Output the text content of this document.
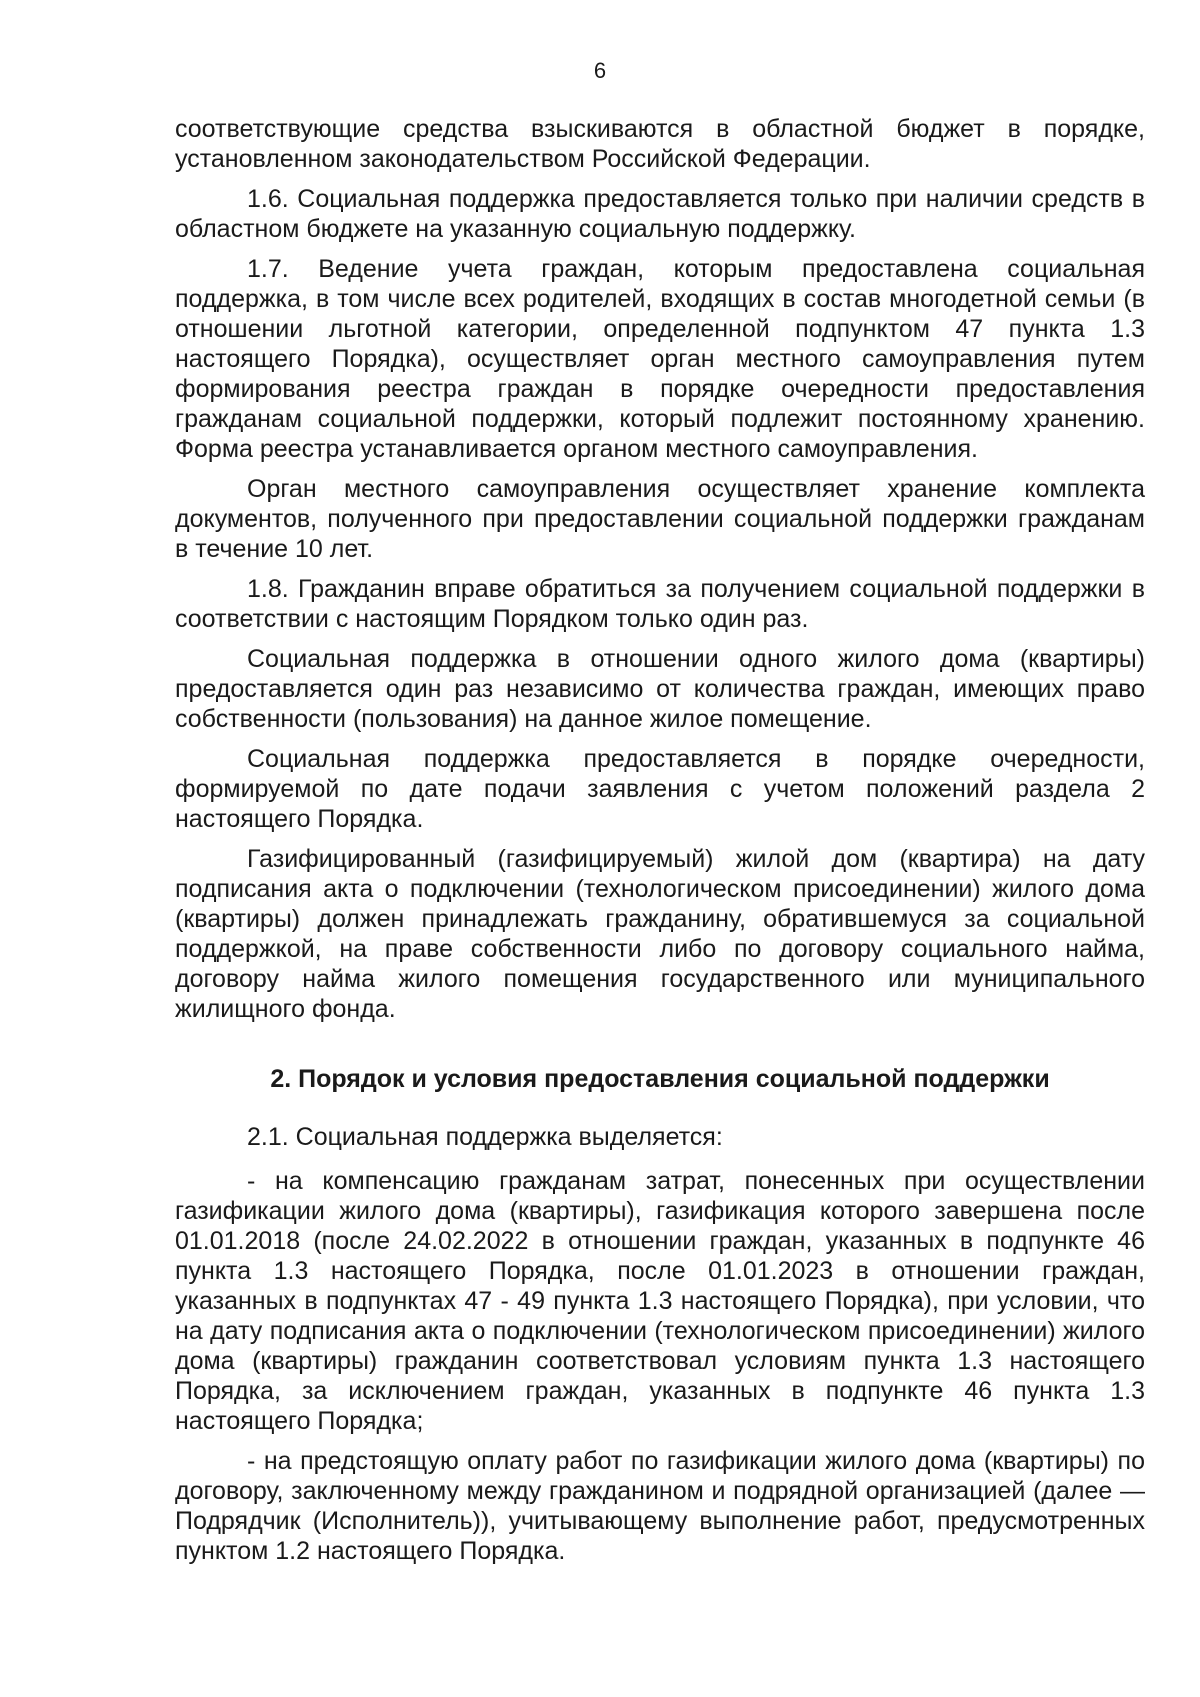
6

соответствующие средства взыскиваются в областной бюджет в порядке, установленном законодательством Российской Федерации.

1.6. Социальная поддержка предоставляется только при наличии средств в областном бюджете на указанную социальную поддержку.

1.7. Ведение учета граждан, которым предоставлена социальная поддержка, в том числе всех родителей, входящих в состав многодетной семьи (в отношении льготной категории, определенной подпунктом 47 пункта 1.3 настоящего Порядка), осуществляет орган местного самоуправления путем формирования реестра граждан в порядке очередности предоставления гражданам социальной поддержки, который подлежит постоянному хранению. Форма реестра устанавливается органом местного самоуправления.

Орган местного самоуправления осуществляет хранение комплекта документов, полученного при предоставлении социальной поддержки гражданам в течение 10 лет.

1.8. Гражданин вправе обратиться за получением социальной поддержки в соответствии с настоящим Порядком только один раз.

Социальная поддержка в отношении одного жилого дома (квартиры) предоставляется один раз независимо от количества граждан, имеющих право собственности (пользования) на данное жилое помещение.

Социальная поддержка предоставляется в порядке очередности, формируемой по дате подачи заявления с учетом положений раздела 2 настоящего Порядка.

Газифицированный (газифицируемый) жилой дом (квартира) на дату подписания акта о подключении (технологическом присоединении) жилого дома (квартиры) должен принадлежать гражданину, обратившемуся за социальной поддержкой, на праве собственности либо по договору социального найма, договору найма жилого помещения государственного или муниципального жилищного фонда.

2. Порядок и условия предоставления социальной поддержки

2.1. Социальная поддержка выделяется:

- на компенсацию гражданам затрат, понесенных при осуществлении газификации жилого дома (квартиры), газификация которого завершена после 01.01.2018 (после 24.02.2022 в отношении граждан, указанных в подпункте 46 пункта 1.3 настоящего Порядка, после 01.01.2023 в отношении граждан, указанных в подпунктах 47 - 49 пункта 1.3 настоящего Порядка), при условии, что на дату подписания акта о подключении (технологическом присоединении) жилого дома (квартиры) гражданин соответствовал условиям пункта 1.3 настоящего Порядка, за исключением граждан, указанных в подпункте 46 пункта 1.3 настоящего Порядка;

- на предстоящую оплату работ по газификации жилого дома (квартиры) по договору, заключенному между гражданином и подрядной организацией (далее — Подрядчик (Исполнитель)), учитывающему выполнение работ, предусмотренных пунктом 1.2 настоящего Порядка.
